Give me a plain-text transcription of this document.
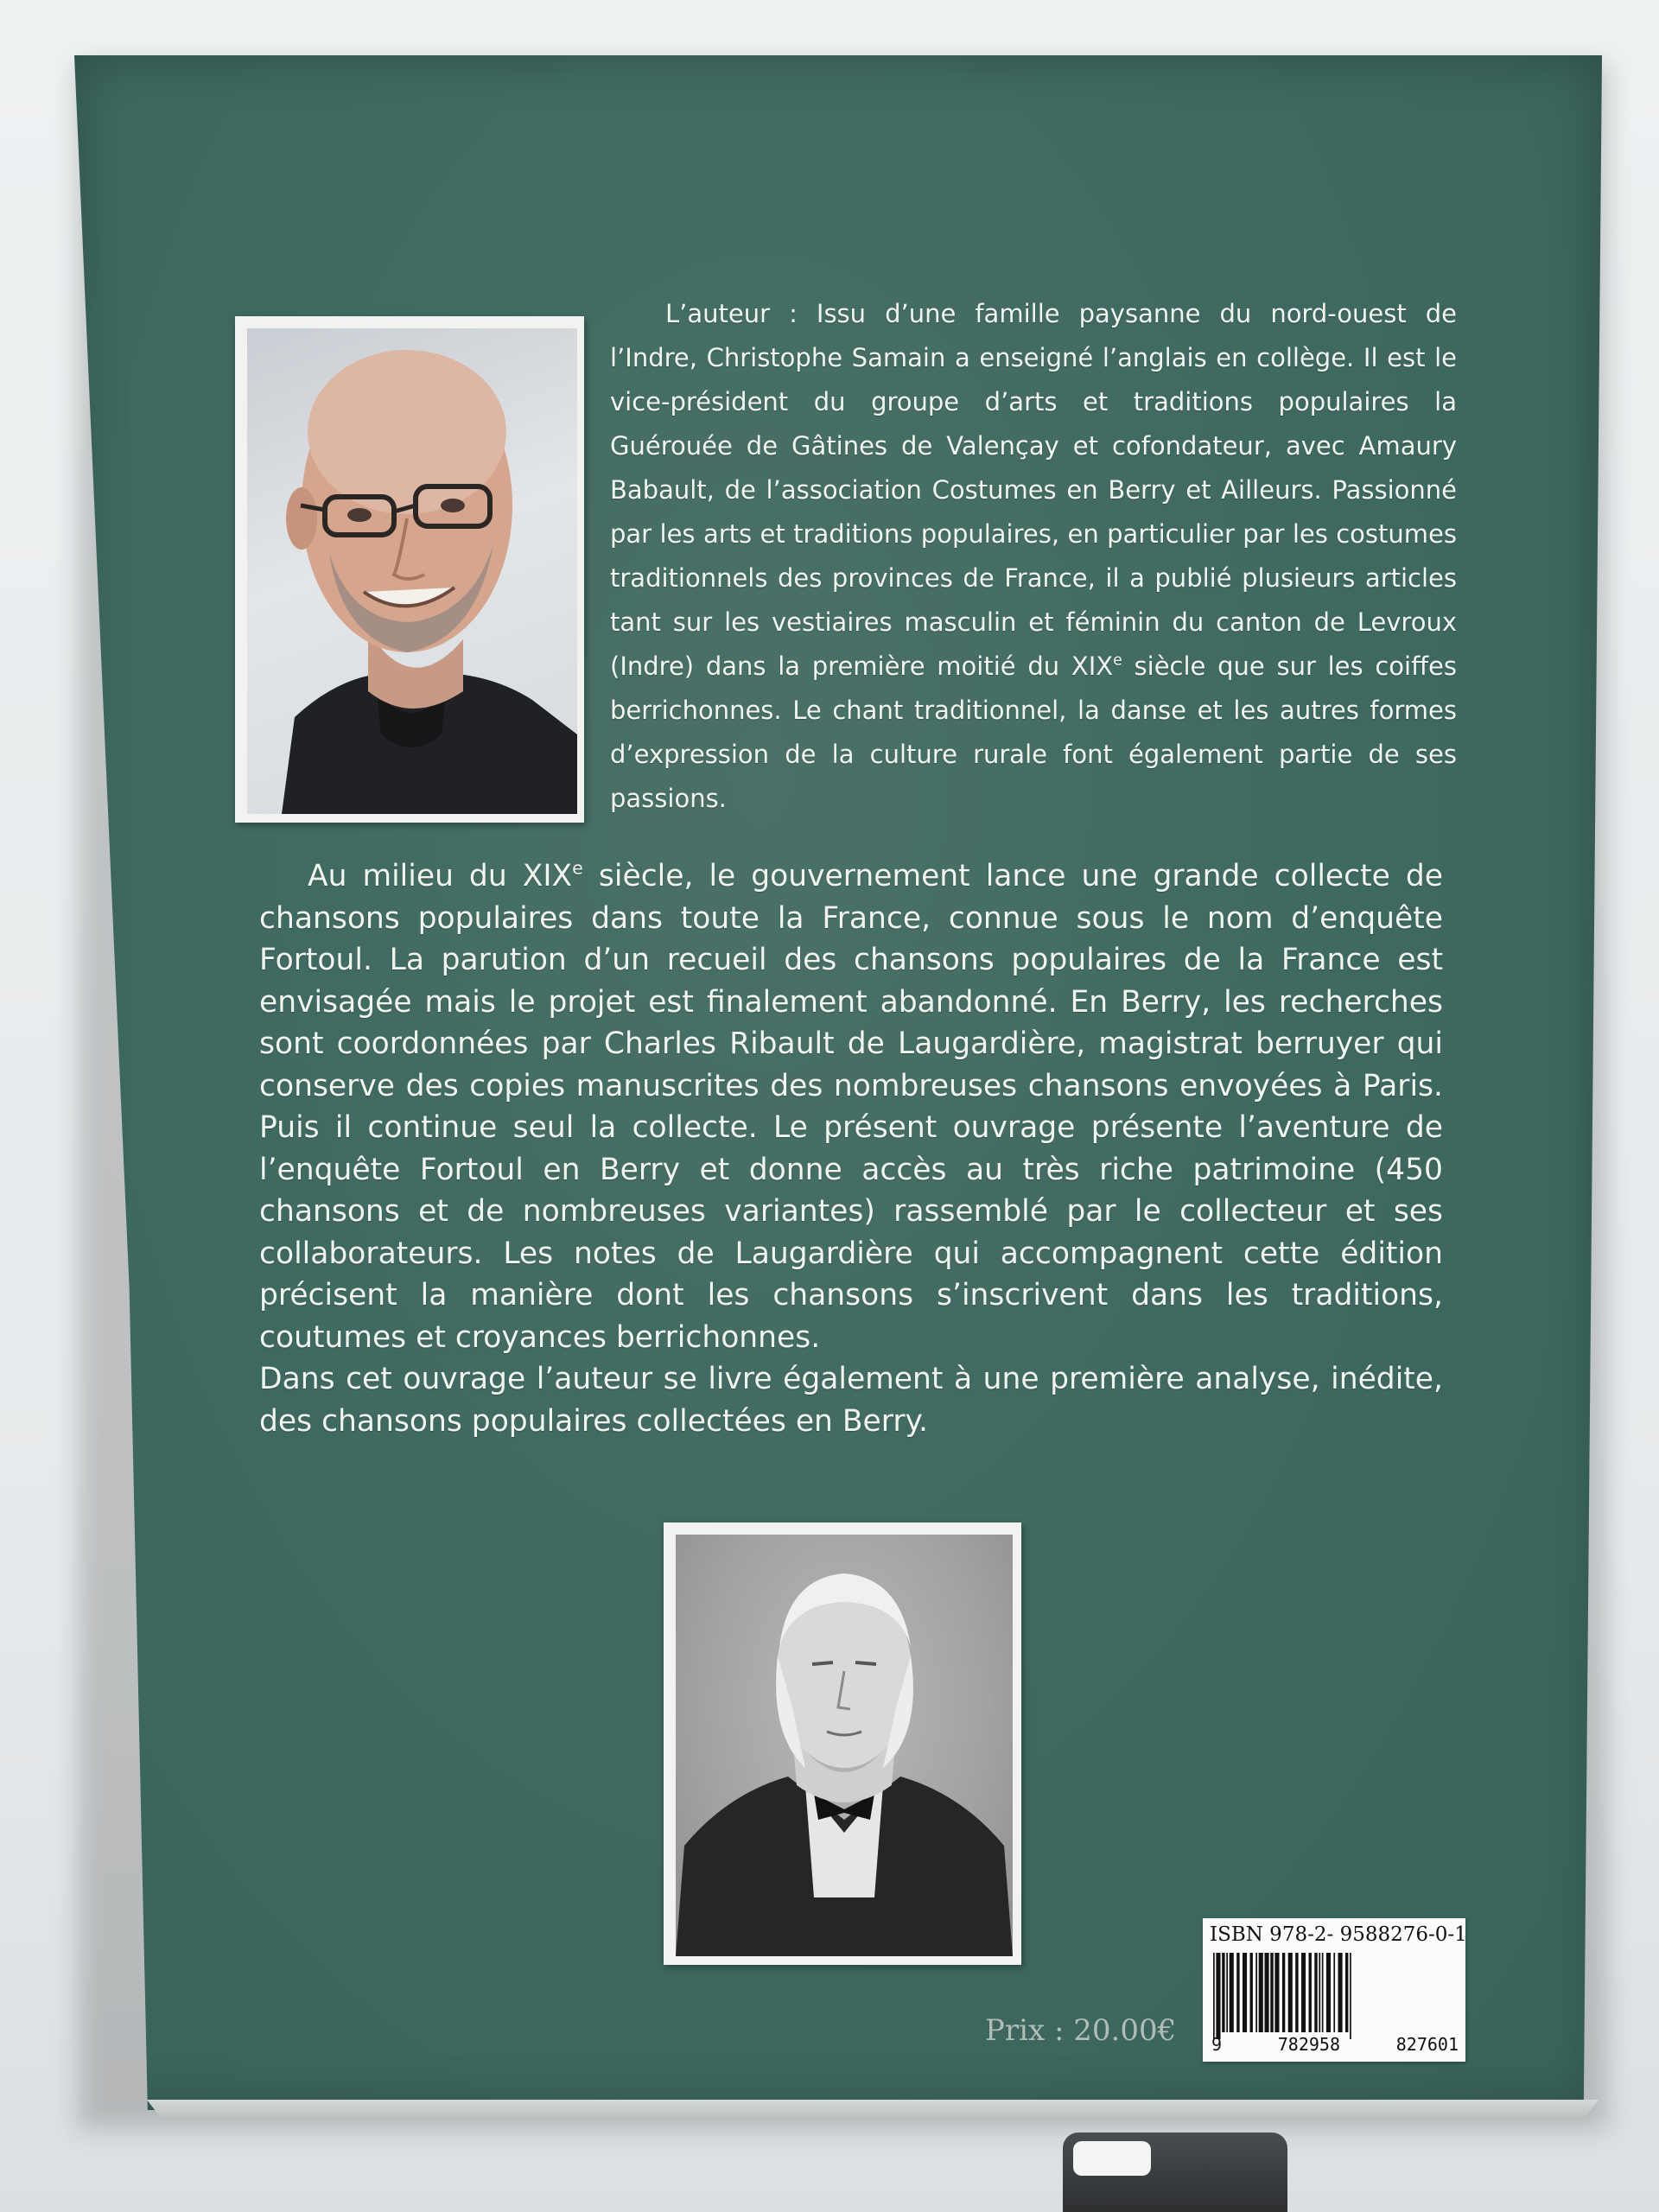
L’auteur : Issu d’une famille paysanne du nord-ouest de l’Indre, Christophe Samain a enseigné l’anglais en collège. Il est le vice-président du groupe d’arts et traditions populaires la Guérouée de Gâtines de Valençay et cofondateur, avec Amaury Babault, de l’association Costumes en Berry et Ailleurs. Passionné par les arts et traditions populaires, en particulier par les costumes traditionnels des provinces de France, il a publié plusieurs articles tant sur les vestiaires masculin et féminin du canton de Levroux (Indre) dans la première moitié du XIXe siècle que sur les coiffes berrichonnes. Le chant traditionnel, la danse et les autres formes d’expression de la culture rurale font également partie de ses passions.

Au milieu du XIXe siècle, le gouvernement lance une grande collecte de chansons populaires dans toute la France, connue sous le nom d’enquête Fortoul. La parution d’un recueil des chansons populaires de la France est envisagée mais le projet est finalement abandonné. En Berry, les recherches sont coordonnées par Charles Ribault de Laugardière, magistrat berruyer qui conserve des copies manuscrites des nombreuses chansons envoyées à Paris. Puis il continue seul la collecte. Le présent ouvrage présente l’aventure de l’enquête Fortoul en Berry et donne accès au très riche patrimoine (450 chansons et de nombreuses variantes) rassemblé par le collecteur et ses collaborateurs. Les notes de Laugardière qui accompagnent cette édition précisent la manière dont les chansons s’inscrivent dans les traditions, coutumes et croyances berrichonnes.

Dans cet ouvrage l’auteur se livre également à une première analyse, inédite, des chansons populaires collectées en Berry.

Prix : 20.00€
ISBN 978-2- 9588276-0-1
9	782958	827601
